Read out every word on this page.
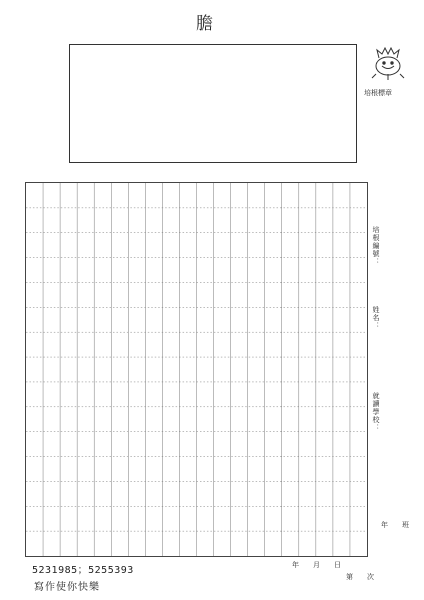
膽
培根標章
培根編號：
姓名：
就讀學校：
年　　班
年　　月　　日
第　　次
5231985；5255393
寫作使你快樂
